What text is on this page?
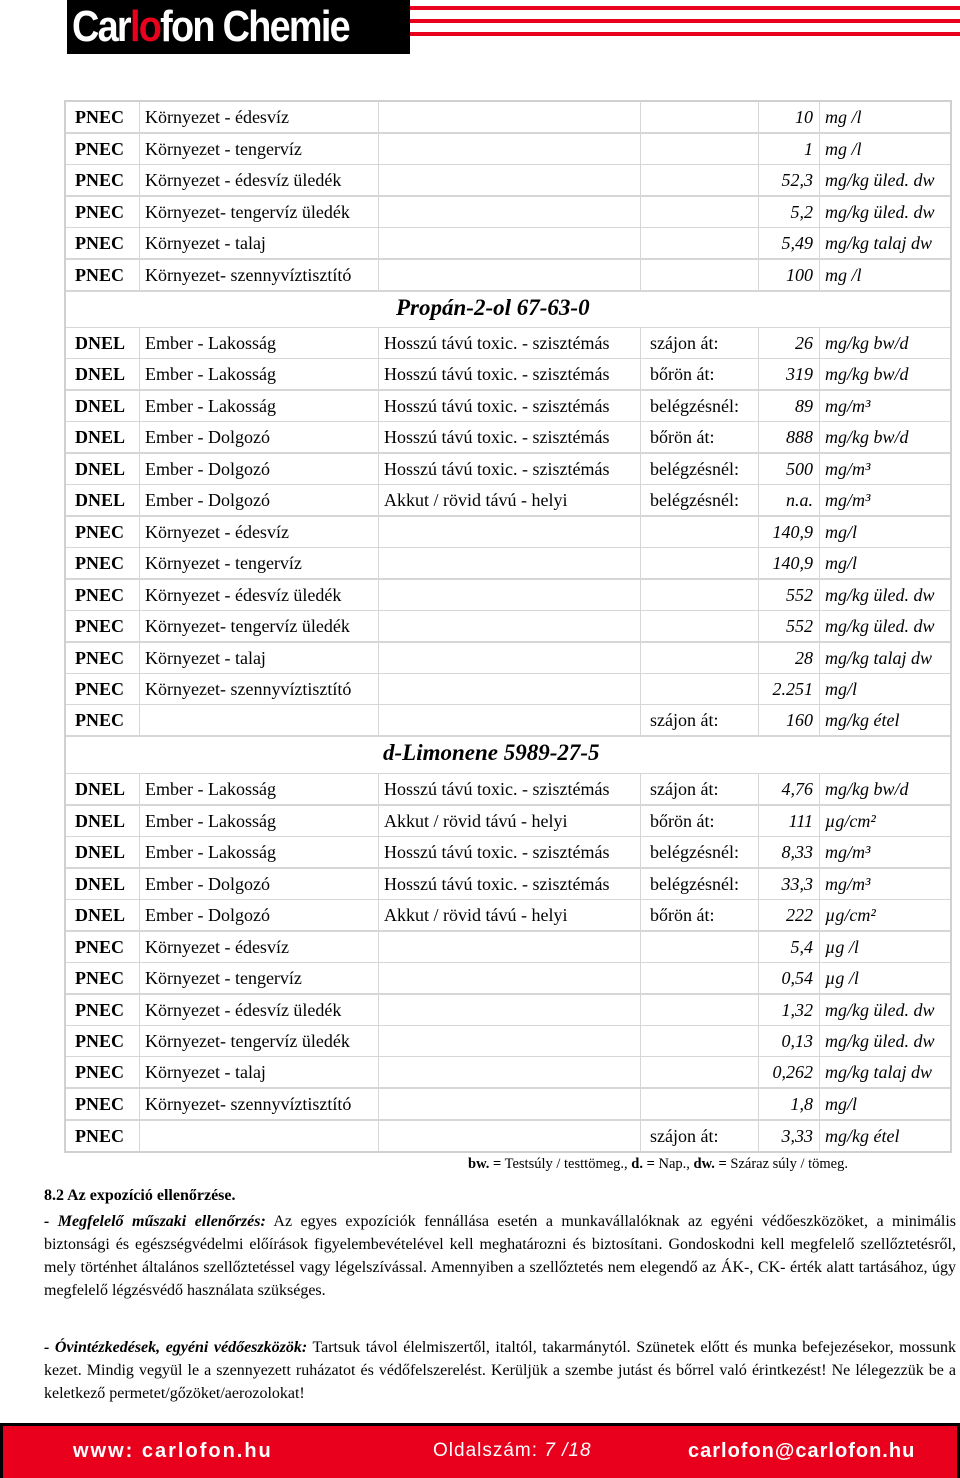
Carlofon Chemie
Propán-2-ol 67-63-0
d-Limonene 5989-27-5
PNEC Környezet - édesvíz	10 mg /l
PNEC Környezet - tengervíz	1 mg /l
PNEC Környezet - édesvíz üledék	52,3 mg/kg üled. dw
PNEC Környezet- tengervíz üledék	5,2 mg/kg üled. dw
PNEC Környezet - talaj	5,49 mg/kg talaj dw
PNEC Környezet- szennyvíztisztító	100 mg /l
DNEL Ember - Lakosság	Hosszú távú toxic. - szisztémás szájon át:	26 mg/kg bw/d
DNEL Ember - Lakosság	Hosszú távú toxic. - szisztémás bőrön át:	319 mg/kg bw/d
DNEL Ember - Lakosság	Hosszú távú toxic. - szisztémás belégzésnél:	89 mg/m³
DNEL Ember - Dolgozó	Hosszú távú toxic. - szisztémás bőrön át:	888 mg/kg bw/d
DNEL Ember - Dolgozó	Hosszú távú toxic. - szisztémás belégzésnél:	500 mg/m³
DNEL Ember - Dolgozó	Akkut / rövid távú - helyi	belégzésnél:	n.a. mg/m³
PNEC Környezet - édesvíz	140,9 mg/l
PNEC Környezet - tengervíz	140,9 mg/l
PNEC Környezet - édesvíz üledék	552 mg/kg üled. dw
PNEC Környezet- tengervíz üledék	552 mg/kg üled. dw
PNEC Környezet - talaj	28 mg/kg talaj dw
PNEC Környezet- szennyvíztisztító	2.251 mg/l
PNEC	szájon át:	160 mg/kg étel
DNEL Ember - Lakosság	Hosszú távú toxic. - szisztémás szájon át:	4,76 mg/kg bw/d
DNEL Ember - Lakosság	Akkut / rövid távú - helyi	bőrön át:	111 µg/cm²
DNEL Ember - Lakosság	Hosszú távú toxic. - szisztémás belégzésnél:	8,33 mg/m³
DNEL Ember - Dolgozó	Hosszú távú toxic. - szisztémás belégzésnél:	33,3 mg/m³
DNEL Ember - Dolgozó	Akkut / rövid távú - helyi	bőrön át:	222 µg/cm²
PNEC Környezet - édesvíz	5,4 µg /l
PNEC Környezet - tengervíz	0,54 µg /l
PNEC Környezet - édesvíz üledék	1,32 mg/kg üled. dw
PNEC Környezet- tengervíz üledék	0,13 mg/kg üled. dw
PNEC Környezet - talaj	0,262 mg/kg talaj dw
PNEC Környezet- szennyvíztisztító	1,8 mg/l
PNEC	szájon át:	3,33 mg/kg étel
bw. = Testsúly / testtömeg., d. = Nap., dw. = Száraz súly / tömeg.
8.2 Az expozíció ellenőrzése.
- Megfelelő műszaki ellenőrzés: Az egyes expozíciók fennállása esetén a munkavállalóknak az egyéni védőeszközöket, a minimális biztonsági és egészségvédelmi előírások figyelembevételével kell meghatározni és biztosítani. Gondoskodni kell megfelelő szellőztetésről, mely történhet általános szellőztetéssel vagy légelszívással. Amennyiben a szellőztetés nem elegendő az ÁK-, CK- érték alatt tartásához, úgy megfelelő légzésvédő használata szükséges.
- Óvintézkedések, egyéni védőeszközök: Tartsuk távol élelmiszertől, italtól, takarmánytól. Szünetek előtt és munka befejezésekor, mossunk kezet. Mindig vegyül le a szennyezett ruházatot és védőfelszerelést. Kerüljük a szembe jutást és bőrrel való érintkezést! Ne lélegezzük be a keletkező permetet/gőzöket/aerozolokat!
www: carlofon.hu	Oldalszám: 7 /18	carlofon@carlofon.hu
